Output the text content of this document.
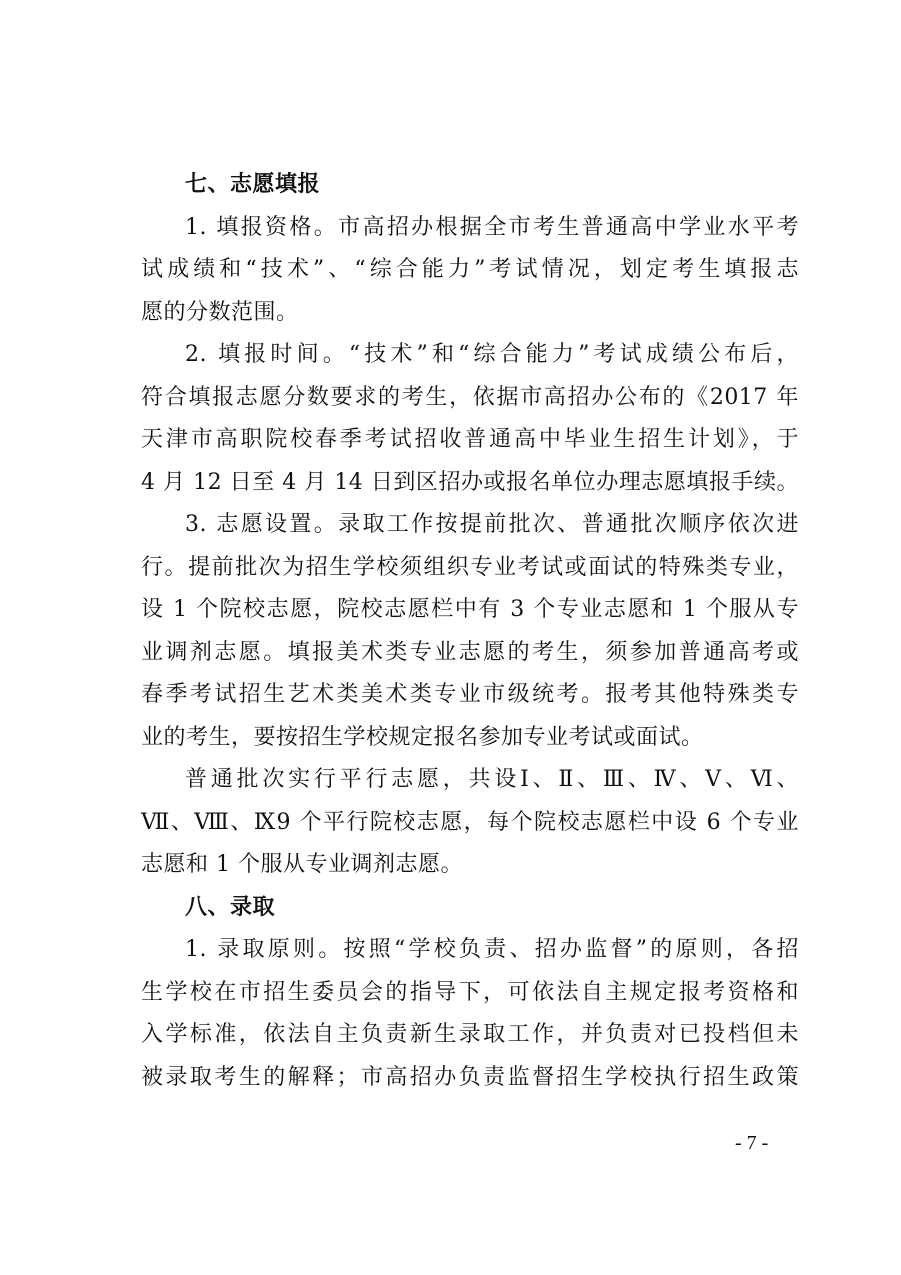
七、志愿填报
1. 填报资格。市高招办根据全市考生普通高中学业水平考
试成绩和“技术”、“综合能力”考试情况，划定考生填报志
愿的分数范围。
2. 填报时间。“技术”和“综合能力”考试成绩公布后，
符合填报志愿分数要求的考生，依据市高招办公布的《2017 年
天津市高职院校春季考试招收普通高中毕业生招生计划》，于
4 月 12 日至 4 月 14 日到区招办或报名单位办理志愿填报手续。
3. 志愿设置。录取工作按提前批次、普通批次顺序依次进
行。提前批次为招生学校须组织专业考试或面试的特殊类专业，
设 1 个院校志愿，院校志愿栏中有 3 个专业志愿和 1 个服从专
业调剂志愿。填报美术类专业志愿的考生，须参加普通高考或
春季考试招生艺术类美术类专业市级统考。报考其他特殊类专
业的考生，要按招生学校规定报名参加专业考试或面试。
普通批次实行平行志愿，共设Ⅰ、Ⅱ、Ⅲ、Ⅳ、Ⅴ、Ⅵ、
Ⅶ、Ⅷ、Ⅸ9 个平行院校志愿，每个院校志愿栏中设 6 个专业
志愿和 1 个服从专业调剂志愿。
八、录取
1. 录取原则。按照“学校负责、招办监督”的原则，各招
生学校在市招生委员会的指导下，可依法自主规定报考资格和
入学标准，依法自主负责新生录取工作，并负责对已投档但未
被录取考生的解释；市高招办负责监督招生学校执行招生政策
- 7 -
